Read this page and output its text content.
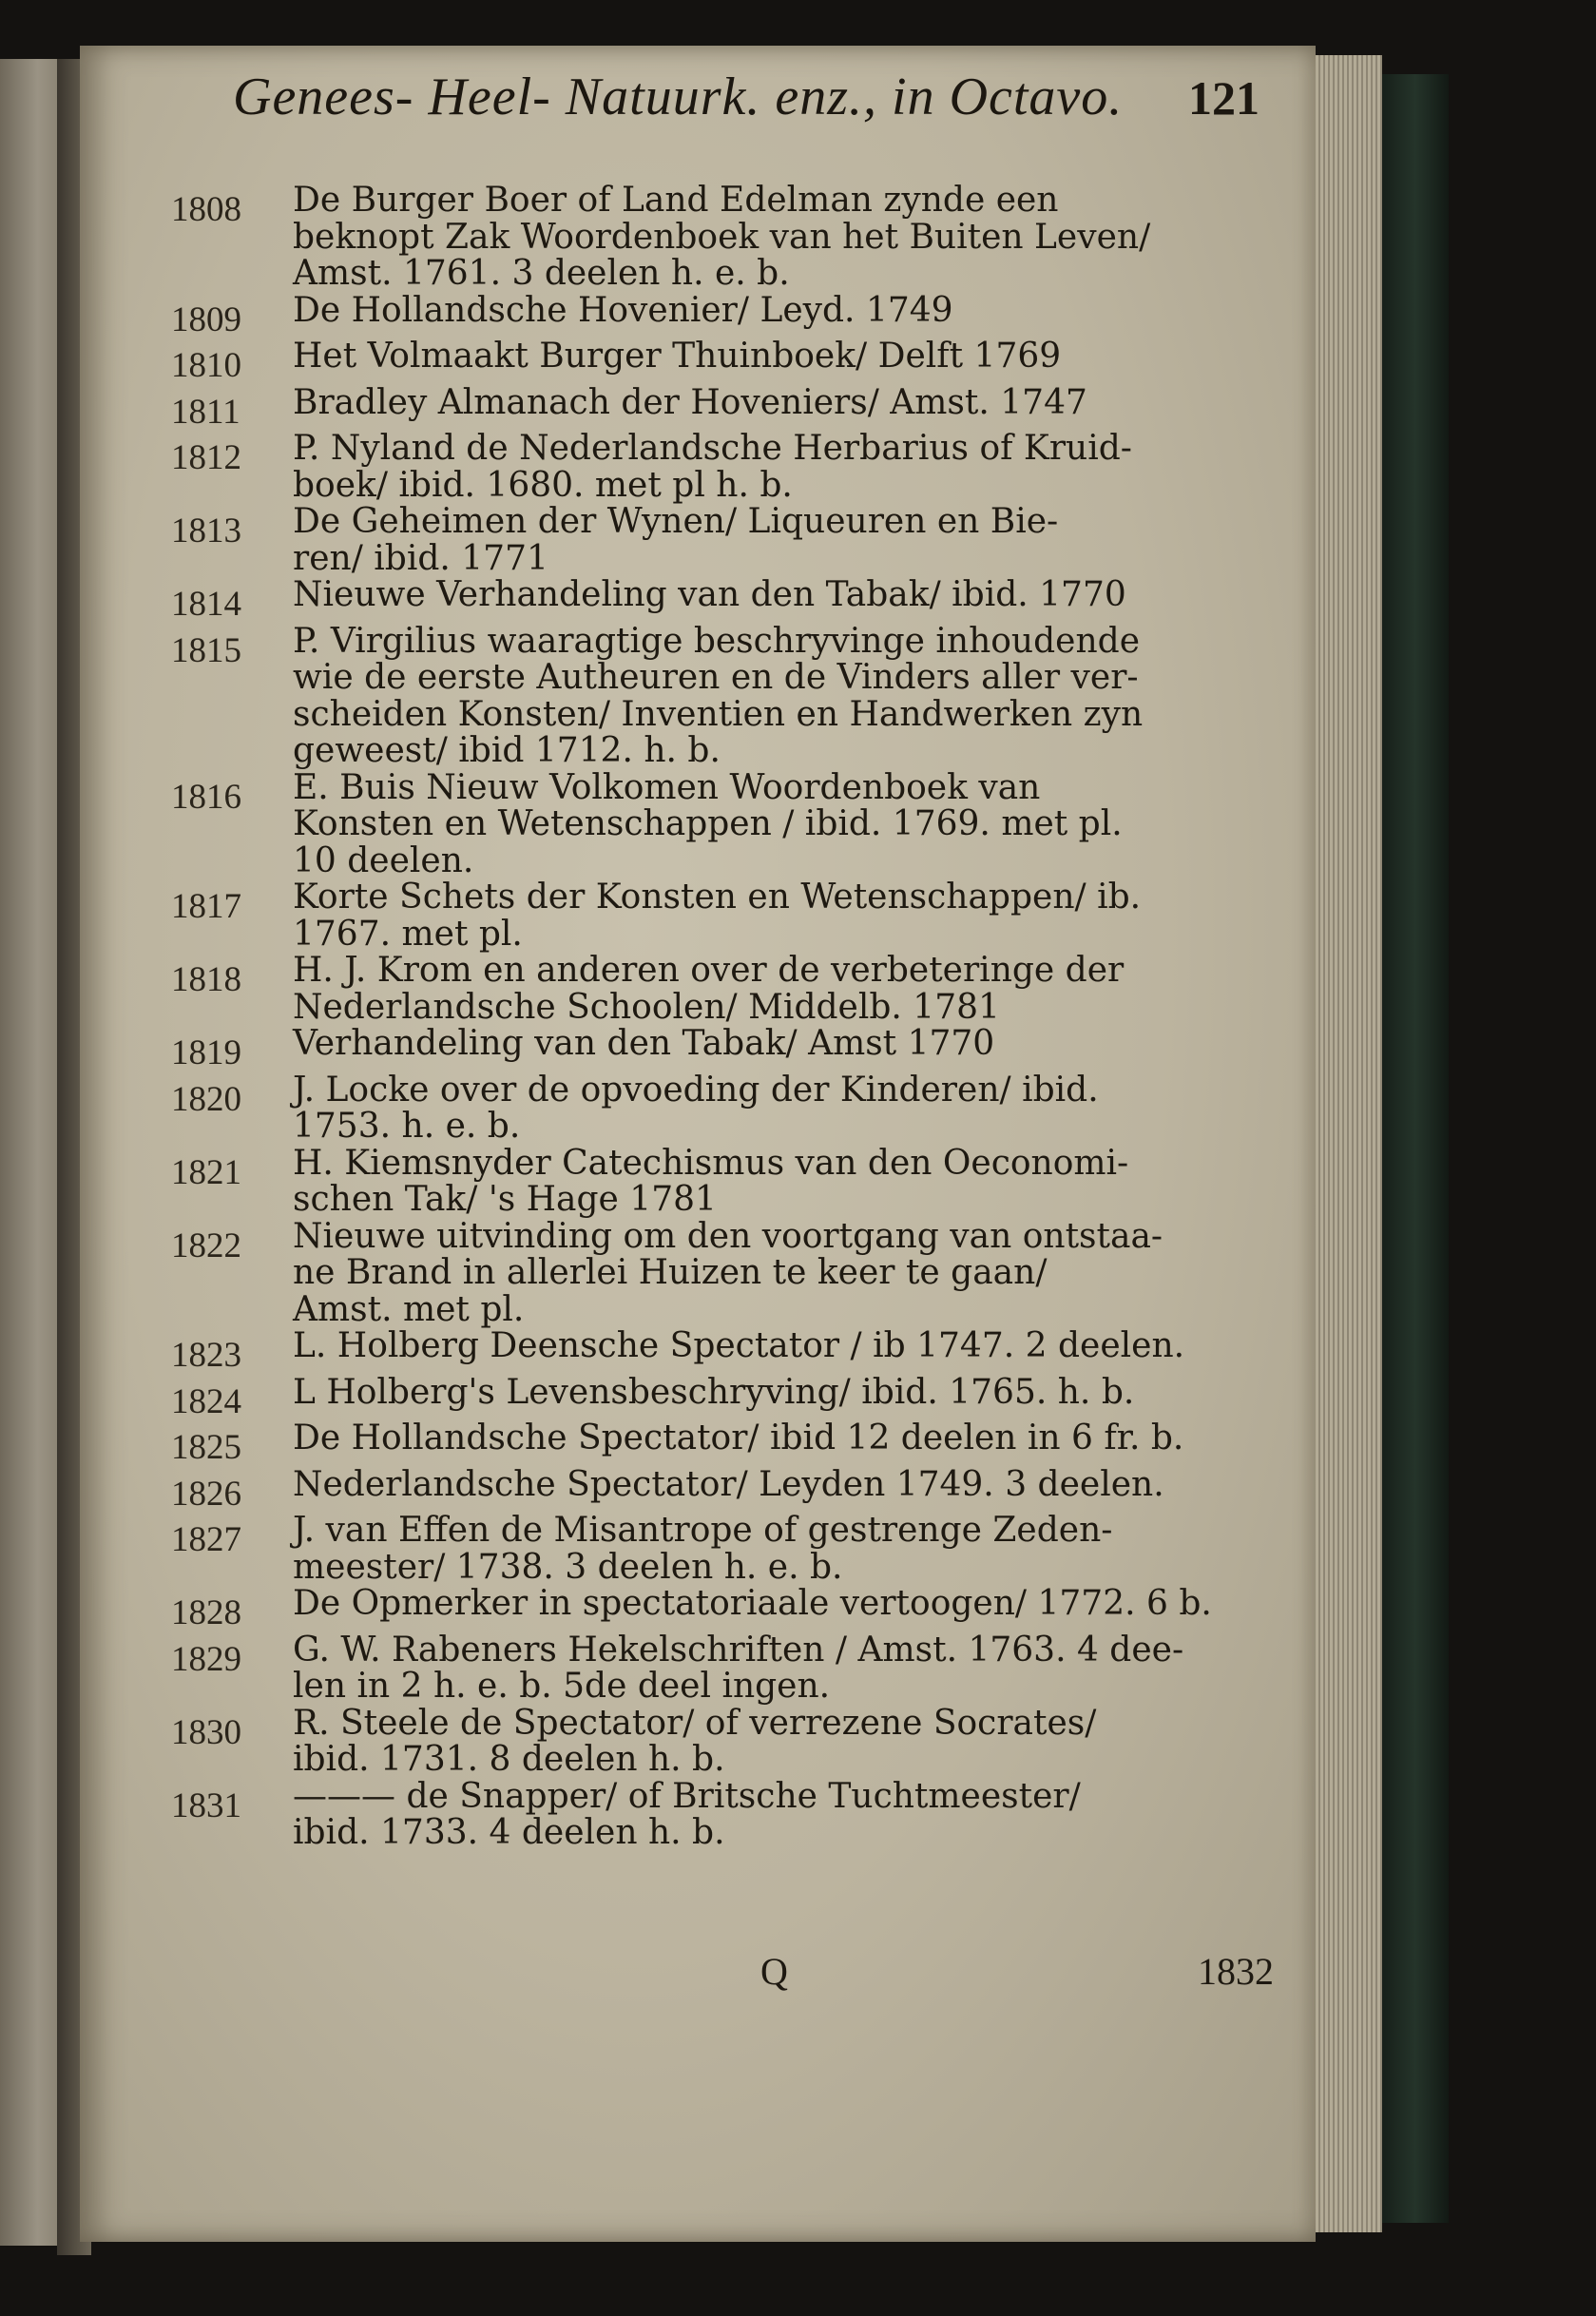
Genees- Heel- Natuurk. enz., in Octavo. 121
1808	De Burger Boer of Land Edelman zynde een
beknopt Zak Woordenboek van het Buiten Leven/
Amst. 1761. 3 deelen h. e. b.
1809	De Hollandsche Hovenier/ Leyd. 1749
1810	Het Volmaakt Burger Thuinboek/ Delft 1769
1811	Bradley Almanach der Hoveniers/ Amst. 1747
1812	P. Nyland de Nederlandsche Herbarius of Kruid-
boek/ ibid. 1680. met pl h. b.
1813	De Geheimen der Wynen/ Liqueuren en Bie-
ren/ ibid. 1771
1814	Nieuwe Verhandeling van den Tabak/ ibid. 1770
1815	P. Virgilius waaragtige beschryvinge inhoudende
wie de eerste Autheuren en de Vinders aller ver-
scheiden Konsten/ Inventien en Handwerken zyn
geweest/ ibid 1712. h. b.
1816	E. Buis Nieuw Volkomen Woordenboek van
Konsten en Wetenschappen / ibid. 1769. met pl.
10 deelen.
1817	Korte Schets der Konsten en Wetenschappen/ ib.
1767. met pl.
1818	H. J. Krom en anderen over de verbeteringe der
Nederlandsche Schoolen/ Middelb. 1781
1819	Verhandeling van den Tabak/ Amst 1770
1820	J. Locke over de opvoeding der Kinderen/ ibid.
1753. h. e. b.
1821	H. Kiemsnyder Catechismus van den Oeconomi-
schen Tak/ 's Hage 1781
1822	Nieuwe uitvinding om den voortgang van ontstaa-
ne Brand in allerlei Huizen te keer te gaan/
Amst. met pl.
1823	L. Holberg Deensche Spectator / ib 1747. 2 deelen.
1824	L Holberg's Levensbeschryving/ ibid. 1765. h. b.
1825	De Hollandsche Spectator/ ibid 12 deelen in 6 fr. b.
1826	Nederlandsche Spectator/ Leyden 1749. 3 deelen.
1827	J. van Effen de Misantrope of gestrenge Zeden-
meester/ 1738. 3 deelen h. e. b.
1828	De Opmerker in spectatoriaale vertoogen/ 1772. 6 b.
1829	G. W. Rabeners Hekelschriften / Amst. 1763. 4 dee-
len in 2 h. e. b. 5de deel ingen.
1830	R. Steele de Spectator/ of verrezene Socrates/
ibid. 1731. 8 deelen h. b.
1831	——— de Snapper/ of Britsche Tuchtmeester/
ibid. 1733. 4 deelen h. b.
Q	1832
